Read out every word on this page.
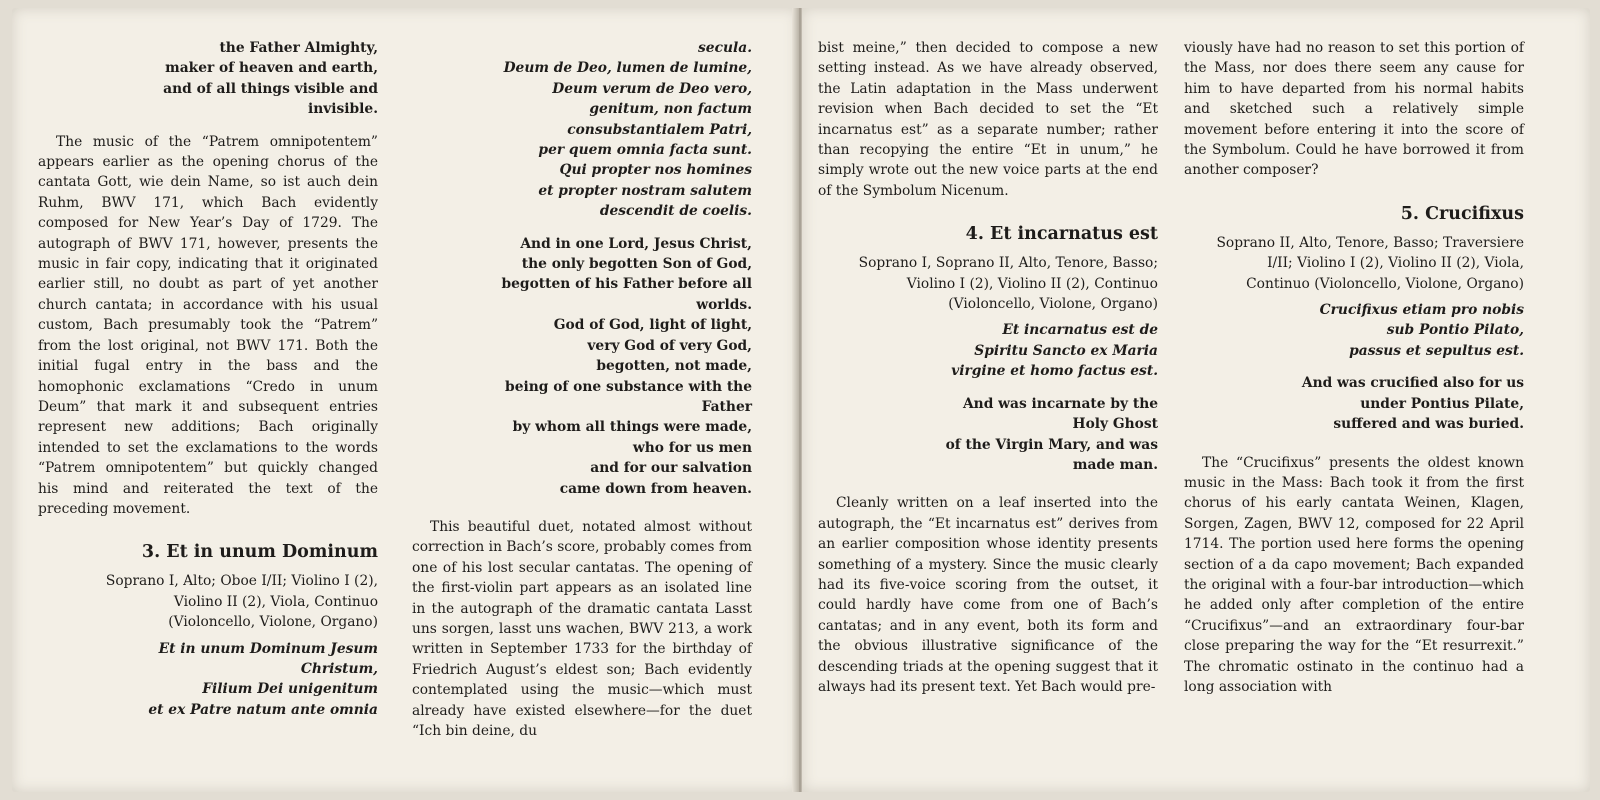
the Father Almighty,
maker of heaven and earth,
and of all things visible and
invisible.

The music of the “Patrem omnipotentem” appears earlier as the opening chorus of the cantata Gott, wie dein Name, so ist auch dein Ruhm, BWV 171, which Bach evidently composed for New Year’s Day of 1729. The autograph of BWV 171, however, presents the music in fair copy, indicating that it originated earlier still, no doubt as part of yet another church cantata; in accordance with his usual custom, Bach presumably took the “Patrem” from the lost original, not BWV 171. Both the initial fugal entry in the bass and the homophonic exclamations “Credo in unum Deum” that mark it and subsequent entries represent new additions; Bach originally intended to set the exclamations to the words “Patrem omnipotentem” but quickly changed his mind and reiterated the text of the preceding movement.

3. Et in unum Dominum
Soprano I, Alto; Oboe I/II; Violino I (2),
Violino II (2), Viola, Continuo
(Violoncello, Violone, Organo)
Et in unum Dominum Jesum
Christum,
Filium Dei unigenitum
et ex Patre natum ante omnia
secula.
Deum de Deo, lumen de lumine,
Deum verum de Deo vero,
genitum, non factum
consubstantialem Patri,
per quem omnia facta sunt.
Qui propter nos homines
et propter nostram salutem
descendit de coelis.
And in one Lord, Jesus Christ,
the only begotten Son of God,
begotten of his Father before all
worlds.
God of God, light of light,
very God of very God,
begotten, not made,
being of one substance with the
Father
by whom all things were made,
who for us men
and for our salvation
came down from heaven.

This beautiful duet, notated almost without correction in Bach’s score, probably comes from one of his lost secular cantatas. The opening of the first-violin part appears as an isolated line in the autograph of the dramatic cantata Lasst uns sorgen, lasst uns wachen, BWV 213, a work written in September 1733 for the birthday of Friedrich August’s eldest son; Bach evidently contemplated using the music—which must already have existed elsewhere—for the duet “Ich bin deine, du

bist meine,” then decided to compose a new setting instead. As we have already observed, the Latin adaptation in the Mass underwent revision when Bach decided to set the “Et incarnatus est” as a separate number; rather than recopying the entire “Et in unum,” he simply wrote out the new voice parts at the end of the Symbolum Nicenum.

4. Et incarnatus est
Soprano I, Soprano II, Alto, Tenore, Basso;
Violino I (2), Violino II (2), Continuo
(Violoncello, Violone, Organo)
Et incarnatus est de
Spiritu Sancto ex Maria
virgine et homo factus est.
And was incarnate by the
Holy Ghost
of the Virgin Mary, and was
made man.

Cleanly written on a leaf inserted into the autograph, the “Et incarnatus est” derives from an earlier composition whose identity presents something of a mystery. Since the music clearly had its five-voice scoring from the outset, it could hardly have come from one of Bach’s cantatas; and in any event, both its form and the obvious illustrative significance of the descending triads at the opening suggest that it always had its present text. Yet Bach would pre-

viously have had no reason to set this portion of the Mass, nor does there seem any cause for him to have departed from his normal habits and sketched such a relatively simple movement before entering it into the score of the Symbolum. Could he have borrowed it from another composer?

5. Crucifixus
Soprano II, Alto, Tenore, Basso; Traversiere
I/II; Violino I (2), Violino II (2), Viola,
Continuo (Violoncello, Violone, Organo)
Crucifixus etiam pro nobis
sub Pontio Pilato,
passus et sepultus est.
And was crucified also for us
under Pontius Pilate,
suffered and was buried.

The “Crucifixus” presents the oldest known music in the Mass: Bach took it from the first chorus of his early cantata Weinen, Klagen, Sorgen, Zagen, BWV 12, composed for 22 April 1714. The portion used here forms the opening section of a da capo movement; Bach expanded the original with a four-bar introduction—which he added only after completion of the entire “Crucifixus”—and an extraordinary four-bar close preparing the way for the “Et resurrexit.” The chromatic ostinato in the continuo had a long association with
